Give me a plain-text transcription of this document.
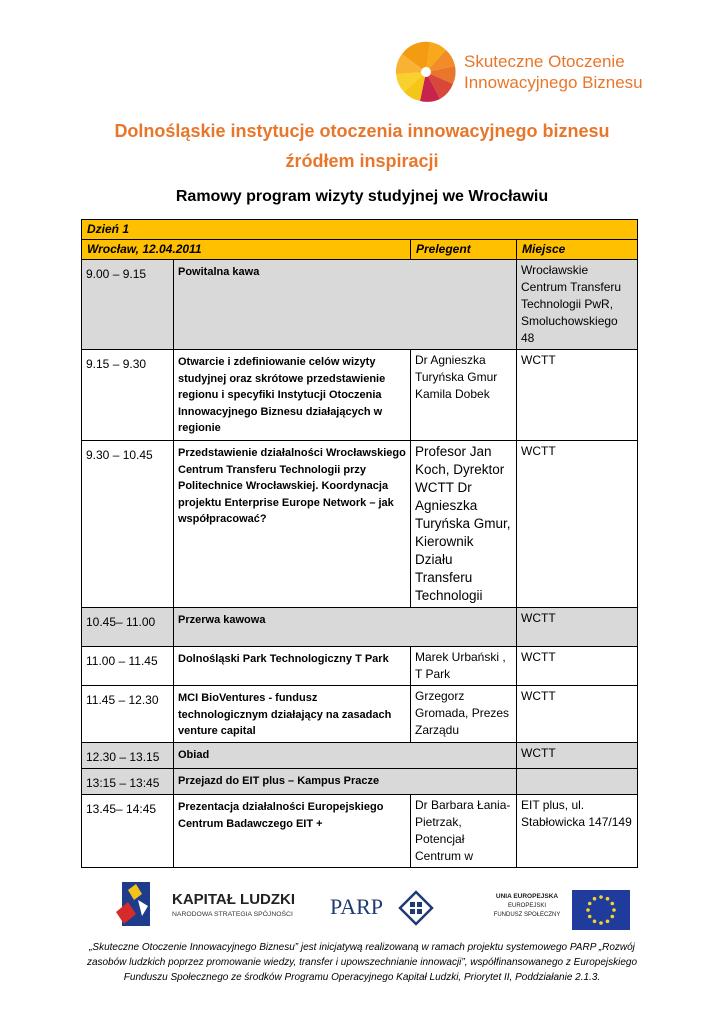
Skuteczne Otoczenie
Innowacyjnego Biznesu
Dolnośląskie instytucje otoczenia innowacyjnego biznesu
źródłem inspiracji
Ramowy program wizyty studyjnej we Wrocławiu
Dzień 1			
Wrocław, 12.04.2011		Prelegent	Miejsce
9.00 – 9.15	Powitalna kawa		Wrocławskie Centrum Transferu Technologii PwR, Smoluchowskiego 48
9.15 – 9.30	Otwarcie i zdefiniowanie celów wizyty studyjnej oraz skrótowe przedstawienie regionu i specyfiki Instytucji Otoczenia Innowacyjnego Biznesu działających w regionie	Dr Agnieszka Turyńska Gmur Kamila Dobek	WCTT
9.30 – 10.45	Przedstawienie działalności Wrocławskiego Centrum Transferu Technologii przy Politechnice Wrocławskiej. Koordynacja projektu Enterprise Europe Network – jak współpracować?	Profesor Jan Koch, Dyrektor WCTT Dr Agnieszka Turyńska Gmur, Kierownik Działu Transferu Technologii	WCTT
10.45– 11.00	Przerwa kawowa		WCTT
11.00 – 11.45	Dolnośląski Park Technologiczny T Park	Marek Urbański , T Park	WCTT
11.45 – 12.30	MCI BioVentures - fundusz technologicznym działający na zasadach venture capital	Grzegorz Gromada, Prezes Zarządu	WCTT
12.30 – 13.15	Obiad		WCTT
13:15 – 13:45	Przejazd do EIT plus – Kampus Pracze		
13.45– 14:45	Prezentacja działalności Europejskiego Centrum Badawczego EIT +	Dr Barbara Łania-Pietrzak, Potencjał Centrum w	EIT plus, ul. Stabłowicka 147/149
KAPITAŁ LUDZKI
NARODOWA STRATEGIA SPÓJNOŚCI PARP	UNIA EUROPEJSKA
EUROPEJSKI
FUNDUSZ SPOŁECZNY
„Skuteczne Otoczenie Innowacyjnego Biznesu” jest inicjatywą realizowaną w ramach projektu systemowego PARP „Rozwój zasobów ludzkich poprzez promowanie wiedzy, transfer i upowszechnianie innowacji”, współfinansowanego z Europejskiego Funduszu Społecznego ze środków Programu Operacyjnego Kapitał Ludzki, Priorytet II, Poddziałanie 2.1.3.
